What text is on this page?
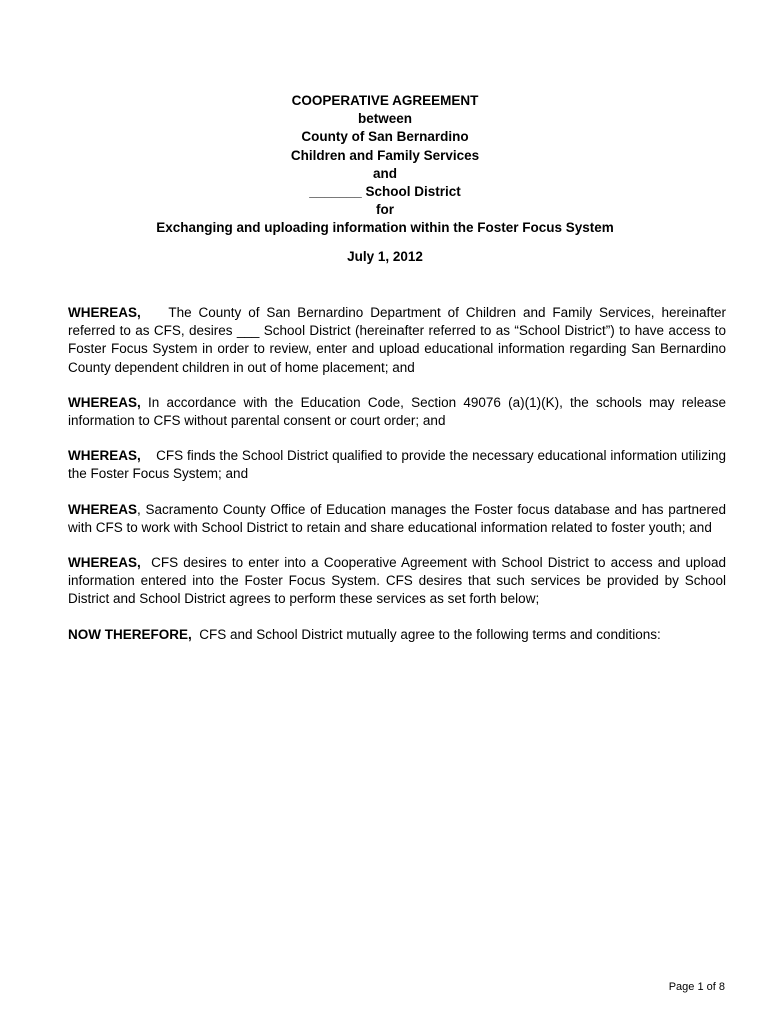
COOPERATIVE AGREEMENT
between
County of San Bernardino
Children and Family Services
and
_______ School District
for
Exchanging and uploading information within the Foster Focus System
July 1, 2012

WHEREAS, The County of San Bernardino Department of Children and Family Services, hereinafter referred to as CFS, desires ___ School District (hereinafter referred to as “School District”) to have access to Foster Focus System in order to review, enter and upload educational information regarding San Bernardino County dependent children in out of home placement; and

WHEREAS, In accordance with the Education Code, Section 49076 (a)(1)(K), the schools may release information to CFS without parental consent or court order; and

WHEREAS, CFS finds the School District qualified to provide the necessary educational information utilizing the Foster Focus System; and

WHEREAS, Sacramento County Office of Education manages the Foster focus database and has partnered with CFS to work with School District to retain and share educational information related to foster youth; and

WHEREAS, CFS desires to enter into a Cooperative Agreement with School District to access and upload information entered into the Foster Focus System. CFS desires that such services be provided by School District and School District agrees to perform these services as set forth below;

NOW THEREFORE, CFS and School District mutually agree to the following terms and conditions:

Page 1 of 8
